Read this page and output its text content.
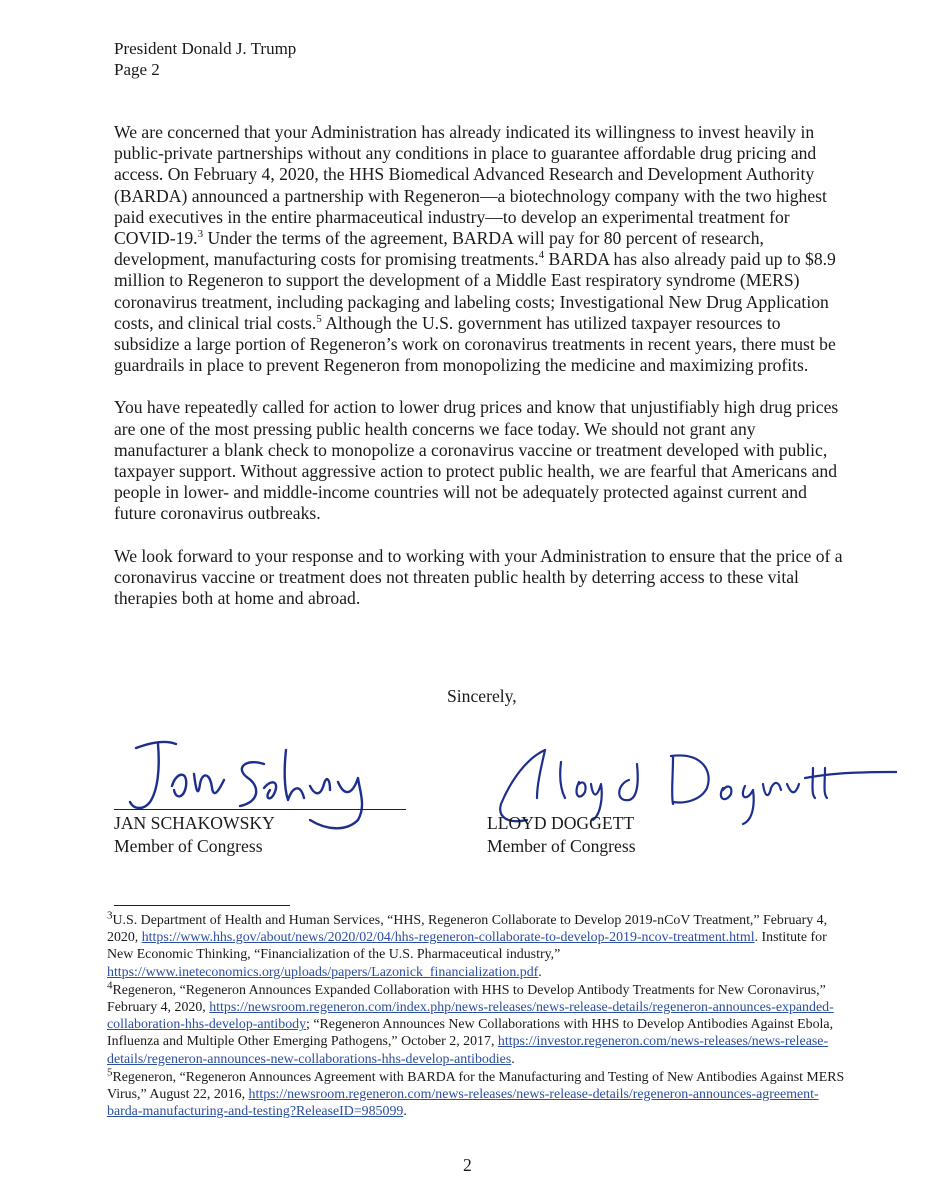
President Donald J. Trump
Page 2

We are concerned that your Administration has already indicated its willingness to invest heavily in public-private partnerships without any conditions in place to guarantee affordable drug pricing and access. On February 4, 2020, the HHS Biomedical Advanced Research and Development Authority (BARDA) announced a partnership with Regeneron—a biotechnology company with the two highest paid executives in the entire pharmaceutical industry—to develop an experimental treatment for COVID-19.$^3$ Under the terms of the agreement, BARDA will pay for 80 percent of research, development, manufacturing costs for promising treatments.$^4$ BARDA has also already paid up to $8.9 million to Regeneron to support the development of a Middle East respiratory syndrome (MERS) coronavirus treatment, including packaging and labeling costs; Investigational New Drug Application costs, and clinical trial costs.$^5$ Although the U.S. government has utilized taxpayer resources to subsidize a large portion of Regeneron’s work on coronavirus treatments in recent years, there must be guardrails in place to prevent Regeneron from monopolizing the medicine and maximizing profits.

You have repeatedly called for action to lower drug prices and know that unjustifiably high drug prices are one of the most pressing public health concerns we face today. We should not grant any manufacturer a blank check to monopolize a coronavirus vaccine or treatment developed with public, taxpayer support. Without aggressive action to protect public health, we are fearful that Americans and people in lower- and middle-income countries will not be adequately protected against current and future coronavirus outbreaks.

We look forward to your response and to working with your Administration to ensure that the price of a coronavirus vaccine or treatment does not threaten public health by deterring access to these vital therapies both at home and abroad.

Sincerely,
JAN SCHAKOWSKY
Member of Congress
LLOYD DOGGETT
Member of Congress
$^3$U.S. Department of Health and Human Services, “HHS, Regeneron Collaborate to Develop 2019-nCoV Treatment,” February 4, 2020, https://www.hhs.gov/about/news/2020/02/04/hhs-regeneron-collaborate-to-develop-2019-ncov-treatment.html. Institute for New Economic Thinking, “Financialization of the U.S. Pharmaceutical industry,” https://www.ineteconomics.org/uploads/papers/Lazonick_financialization.pdf.
$^4$Regeneron, “Regeneron Announces Expanded Collaboration with HHS to Develop Antibody Treatments for New Coronavirus,” February 4, 2020, https://newsroom.regeneron.com/index.php/news-releases/news-release-details/regeneron-announces-expanded-collaboration-hhs-develop-antibody; “Regeneron Announces New Collaborations with HHS to Develop Antibodies Against Ebola, Influenza and Multiple Other Emerging Pathogens,” October 2, 2017, https://investor.regeneron.com/news-releases/news-release-details/regeneron-announces-new-collaborations-hhs-develop-antibodies.
$^5$Regeneron, “Regeneron Announces Agreement with BARDA for the Manufacturing and Testing of New Antibodies Against MERS Virus,” August 22, 2016, https://newsroom.regeneron.com/news-releases/news-release-details/regeneron-announces-agreement-barda-manufacturing-and-testing?ReleaseID=985099.
2
